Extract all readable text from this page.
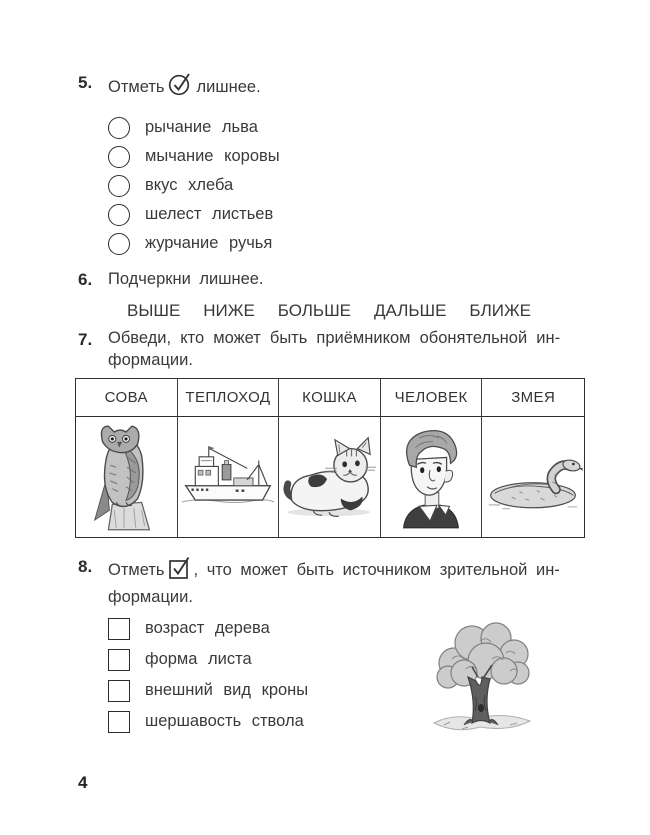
5. Отметь лишнее.
рычание льва
мычание коровы
вкус хлеба
шелест листьев
журчание ручья
6. Подчеркни лишнее.
ВЫШЕ НИЖЕ БОЛЬШЕ ДАЛЬШЕ БЛИЖЕ
7. Обведи, кто может быть приёмником обонятельной ин-
формации.
СОВА	ТЕПЛОХОД	КОШКА	ЧЕЛОВЕК	ЗМЕЯ
8. Отметь , что может быть источником зрительной ин-
формации.
возраст дерева
форма листа
внешний вид кроны
шершавость ствола
4
